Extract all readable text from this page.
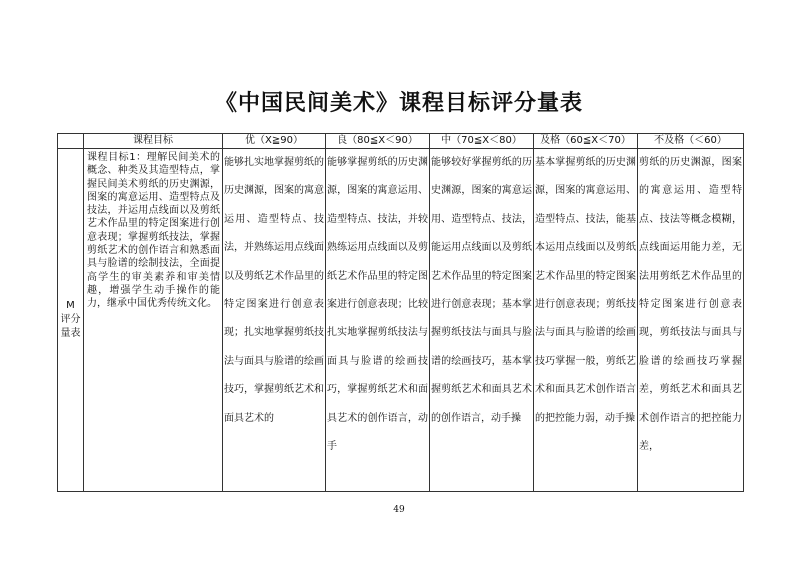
《中国民间美术》课程目标评分量表
	课程目标	优（X≧90）	良（80≦X＜90）	中（70≦X＜80）	及格（60≦X＜70）	不及格（＜60）

M
评分
量表	课程目标1：理解民间美术的概念、种类及其造型特点，掌握民间美术剪纸的历史渊源，图案的寓意运用、造型特点及技法，并运用点线面以及剪纸艺术作品里的特定图案进行创意表现；掌握剪纸技法，掌握剪纸艺术的创作语言和熟悉面具与脸谱的绘制技法，全面提高学生的审美素养和审美情趣，增强学生动手操作的能力，继承中国优秀传统文化。	能够扎实地掌握剪纸的历史渊源，图案的寓意运用、造型特点、技法，并熟练运用点线面以及剪纸艺术作品里的特定图案进行创意表现；扎实地掌握剪纸技法与面具与脸谱的绘画技巧，掌握剪纸艺术和面具艺术的	能够掌握剪纸的历史渊源，图案的寓意运用、造型特点、技法，并较熟练运用点线面以及剪纸艺术作品里的特定图案进行创意表现；比较扎实地掌握剪纸技法与面具与脸谱的绘画技巧，掌握剪纸艺术和面具艺术的创作语言，动手	能够较好掌握剪纸的历史渊源，图案的寓意运用、造型特点、技法，能运用点线面以及剪纸艺术作品里的特定图案进行创意表现；基本掌握剪纸技法与面具与脸谱的绘画技巧，基本掌握剪纸艺术和面具艺术的创作语言，动手操	基本掌握剪纸的历史渊源，图案的寓意运用、造型特点、技法，能基本运用点线面以及剪纸艺术作品里的特定图案进行创意表现；剪纸技法与面具与脸谱的绘画技巧掌握一般，剪纸艺术和面具艺术创作语言的把控能力弱，动手操	剪纸的历史渊源，图案的寓意运用、造型特点、技法等概念模糊，点线面运用能力差，无法用剪纸艺术作品里的特定图案进行创意表现，剪纸技法与面具与脸谱的绘画技巧掌握差，剪纸艺术和面具艺术创作语言的把控能力差，
49
